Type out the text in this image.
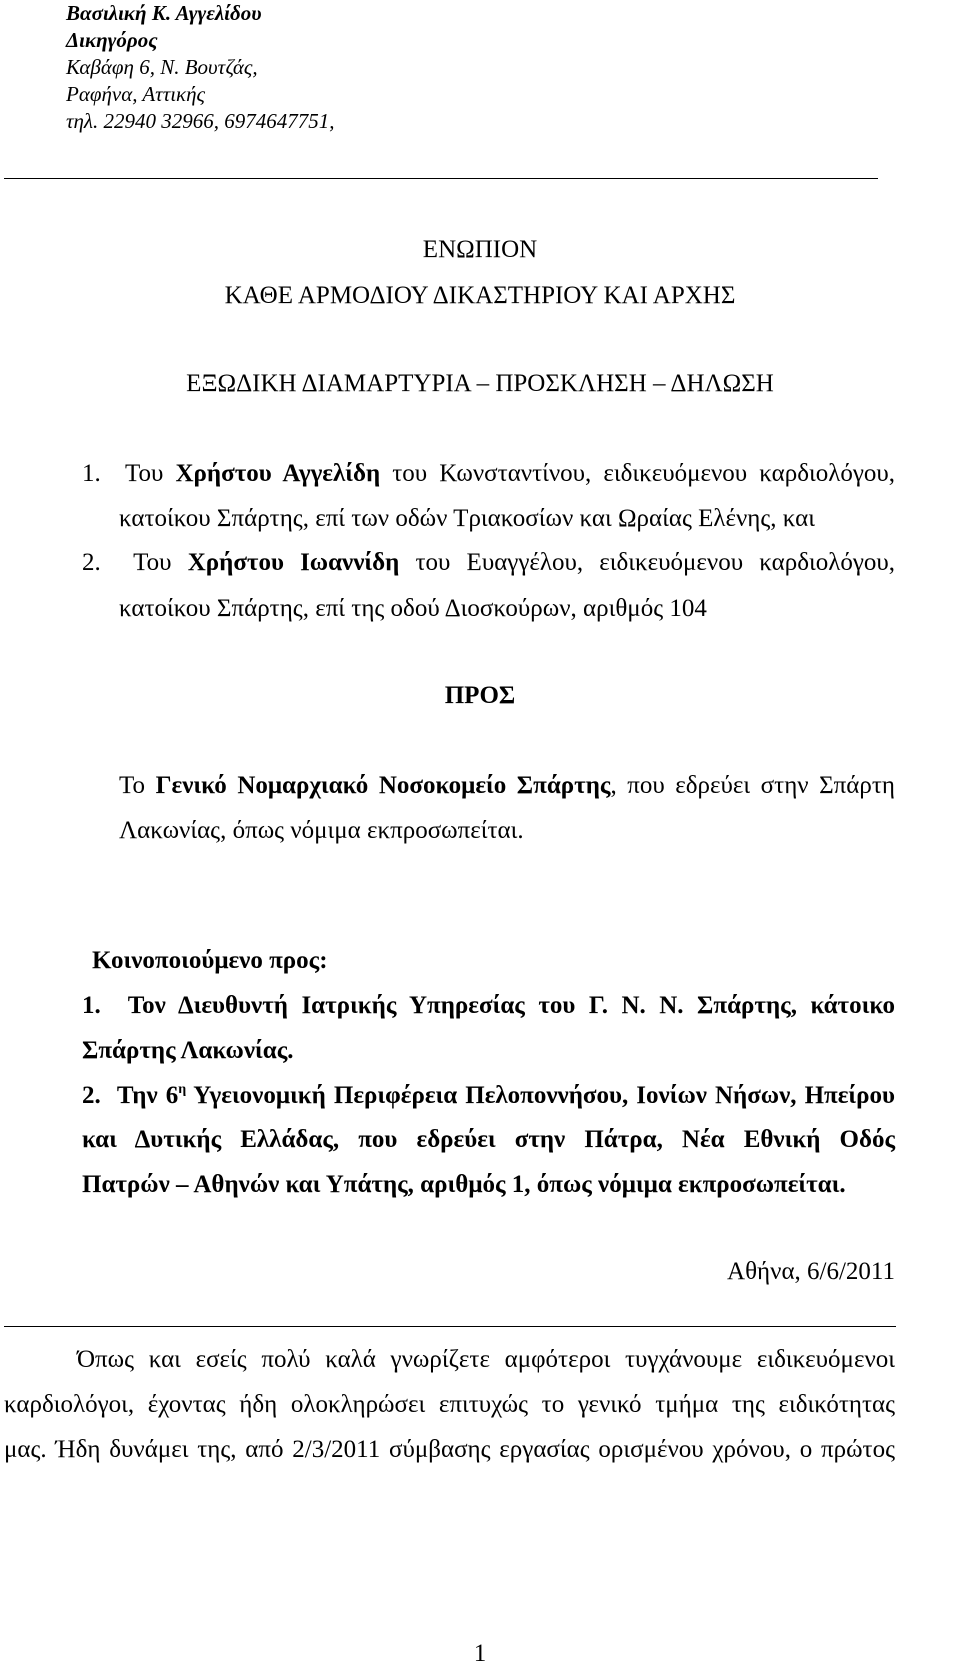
Βασιλική Κ. Αγγελίδου
Δικηγόρος
Καβάφη 6, Ν. Βουτζάς,
Ραφήνα, Αττικής
τηλ. 22940 32966, 6974647751,
ΕΝΩΠΙΟΝ
ΚΑΘΕ ΑΡΜΟΔΙΟΥ ΔΙΚΑΣΤΗΡΙΟΥ ΚΑΙ ΑΡΧΗΣ
ΕΞΩΔΙΚΗ ΔΙΑΜΑΡΤΥΡΙΑ – ΠΡΟΣΚΛΗΣΗ – ΔΗΛΩΣΗ
1. Του Χρήστου Αγγελίδη του Κωνσταντίνου, ειδικευόμενου καρδιολόγου,
κατοίκου Σπάρτης, επί των οδών Τριακοσίων και Ωραίας Ελένης, και
2. Του Χρήστου Ιωαννίδη του Ευαγγέλου, ειδικευόμενου καρδιολόγου,
κατοίκου Σπάρτης, επί της οδού Διοσκούρων, αριθμός 104
ΠΡΟΣ
Το Γενικό Νομαρχιακό Νοσοκομείο Σπάρτης, που εδρεύει στην Σπάρτη
Λακωνίας, όπως νόμιμα εκπροσωπείται.
Κοινοποιούμενο προς:
1. Τον Διευθυντή Ιατρικής Υπηρεσίας του Γ. Ν. Ν. Σπάρτης, κάτοικο
Σπάρτης Λακωνίας.
2. Την $6^\eta$ Υγειονομική Περιφέρεια Πελοποννήσου, Ιονίων Νήσων, Ηπείρου
και Δυτικής Ελλάδας, που εδρεύει στην Πάτρα, Νέα Εθνική Οδός
Πατρών – Αθηνών και Υπάτης, αριθμός 1, όπως νόμιμα εκπροσωπείται.
Αθήνα, 6/6/2011
Όπως και εσείς πολύ καλά γνωρίζετε αμφότεροι τυγχάνουμε ειδικευόμενοι
καρδιολόγοι, έχοντας ήδη ολοκληρώσει επιτυχώς το γενικό τμήμα της ειδικότητας
μας. Ήδη δυνάμει της, από 2/3/2011 σύμβασης εργασίας ορισμένου χρόνου, ο πρώτος
1
